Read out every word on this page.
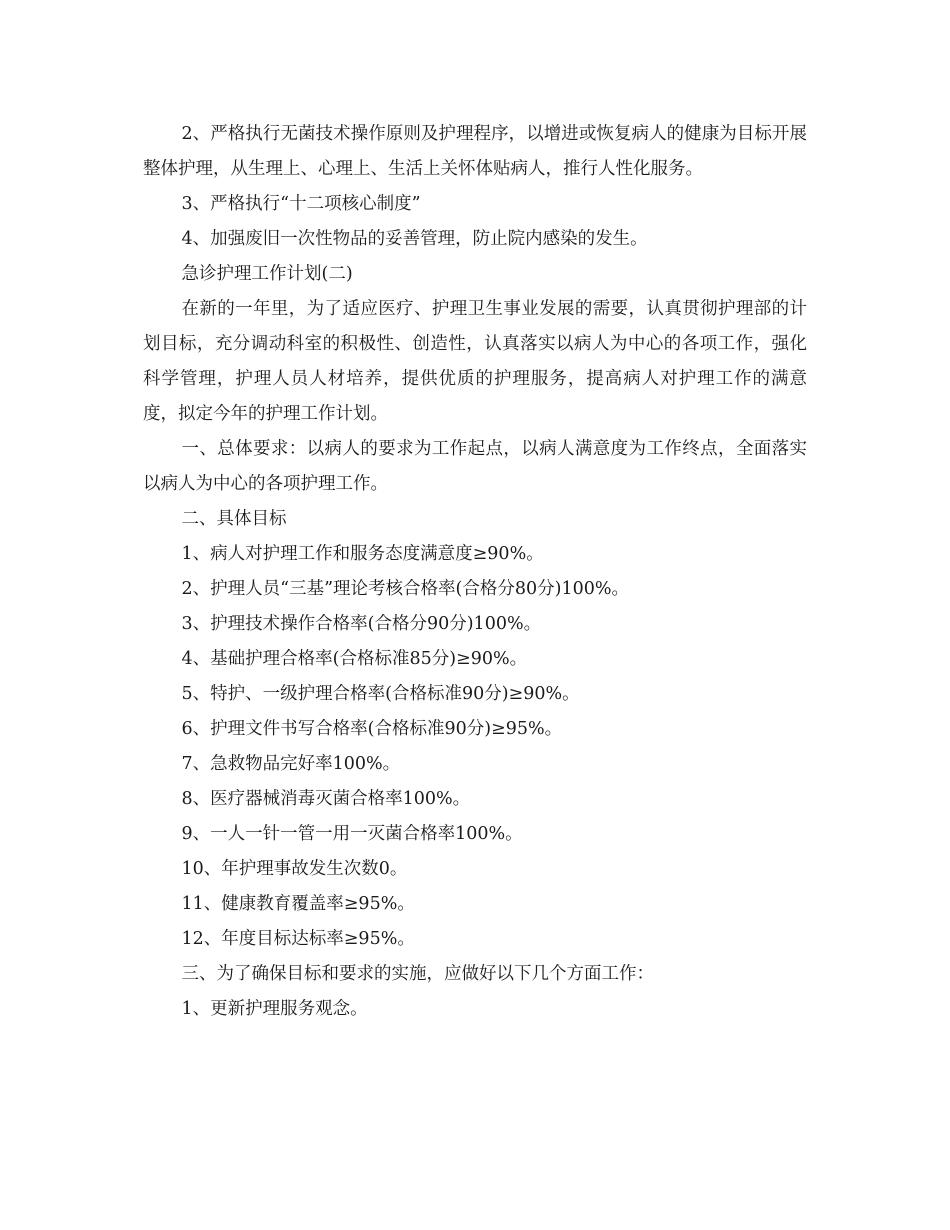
2、严格执行无菌技术操作原则及护理程序，以增进或恢复病人的健康为目标开展整体护理，从生理上、心理上、生活上关怀体贴病人，推行人性化服务。

3、严格执行“十二项核心制度”

4、加强废旧一次性物品的妥善管理，防止院内感染的发生。

急诊护理工作计划(二)

在新的一年里，为了适应医疗、护理卫生事业发展的需要，认真贯彻护理部的计划目标，充分调动科室的积极性、创造性，认真落实以病人为中心的各项工作，强化科学管理，护理人员人材培养，提供优质的护理服务，提高病人对护理工作的满意度，拟定今年的护理工作计划。

一、总体要求：以病人的要求为工作起点，以病人满意度为工作终点，全面落实以病人为中心的各项护理工作。

二、具体目标

1、病人对护理工作和服务态度满意度≥90%。

2、护理人员“三基”理论考核合格率(合格分80分)100%。

3、护理技术操作合格率(合格分90分)100%。

4、基础护理合格率(合格标准85分)≥90%。

5、特护、一级护理合格率(合格标准90分)≥90%。

6、护理文件书写合格率(合格标准90分)≥95%。

7、急救物品完好率100%。

8、医疗器械消毒灭菌合格率100%。

9、一人一针一管一用一灭菌合格率100%。

10、年护理事故发生次数0。

11、健康教育覆盖率≥95%。

12、年度目标达标率≥95%。

三、为了确保目标和要求的实施，应做好以下几个方面工作：

1、更新护理服务观念。
